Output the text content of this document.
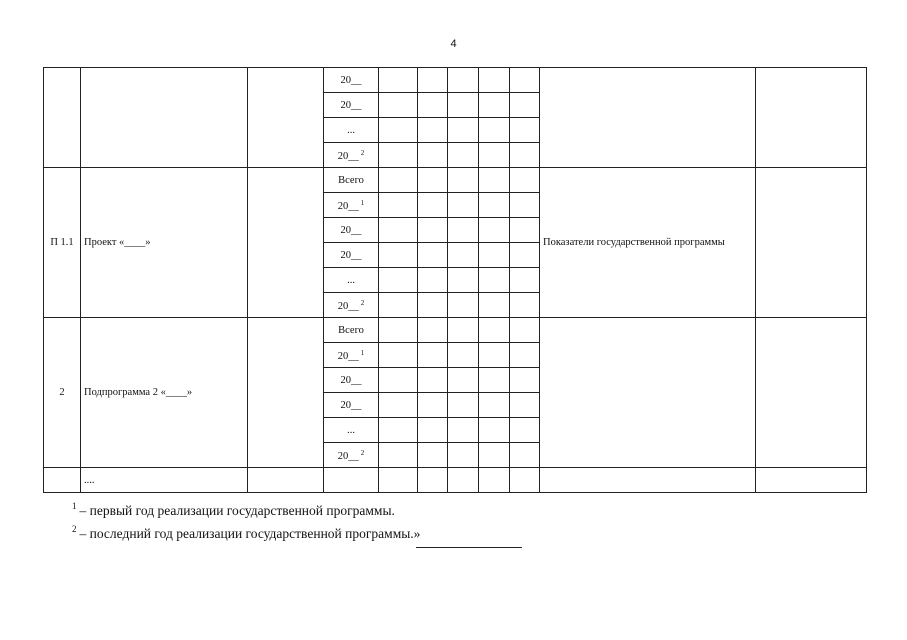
4
			20__							
			20__							
			...							
			20__ $^2$					
П 1.1	Проект «____»		Всего						Показатели государственной программы	
			20__ $^1$					
			20__							
			20__							
			...							
			20__ $^2$					
2	Подпрограмма 2 «____»		Всего							
			20__ $^1$					
			20__							
			20__							
			...							
			20__ $^2$					
	....									
$^1$ – первый год реализации государственной программы.
$^2$ – последний год реализации государственной программы.»
